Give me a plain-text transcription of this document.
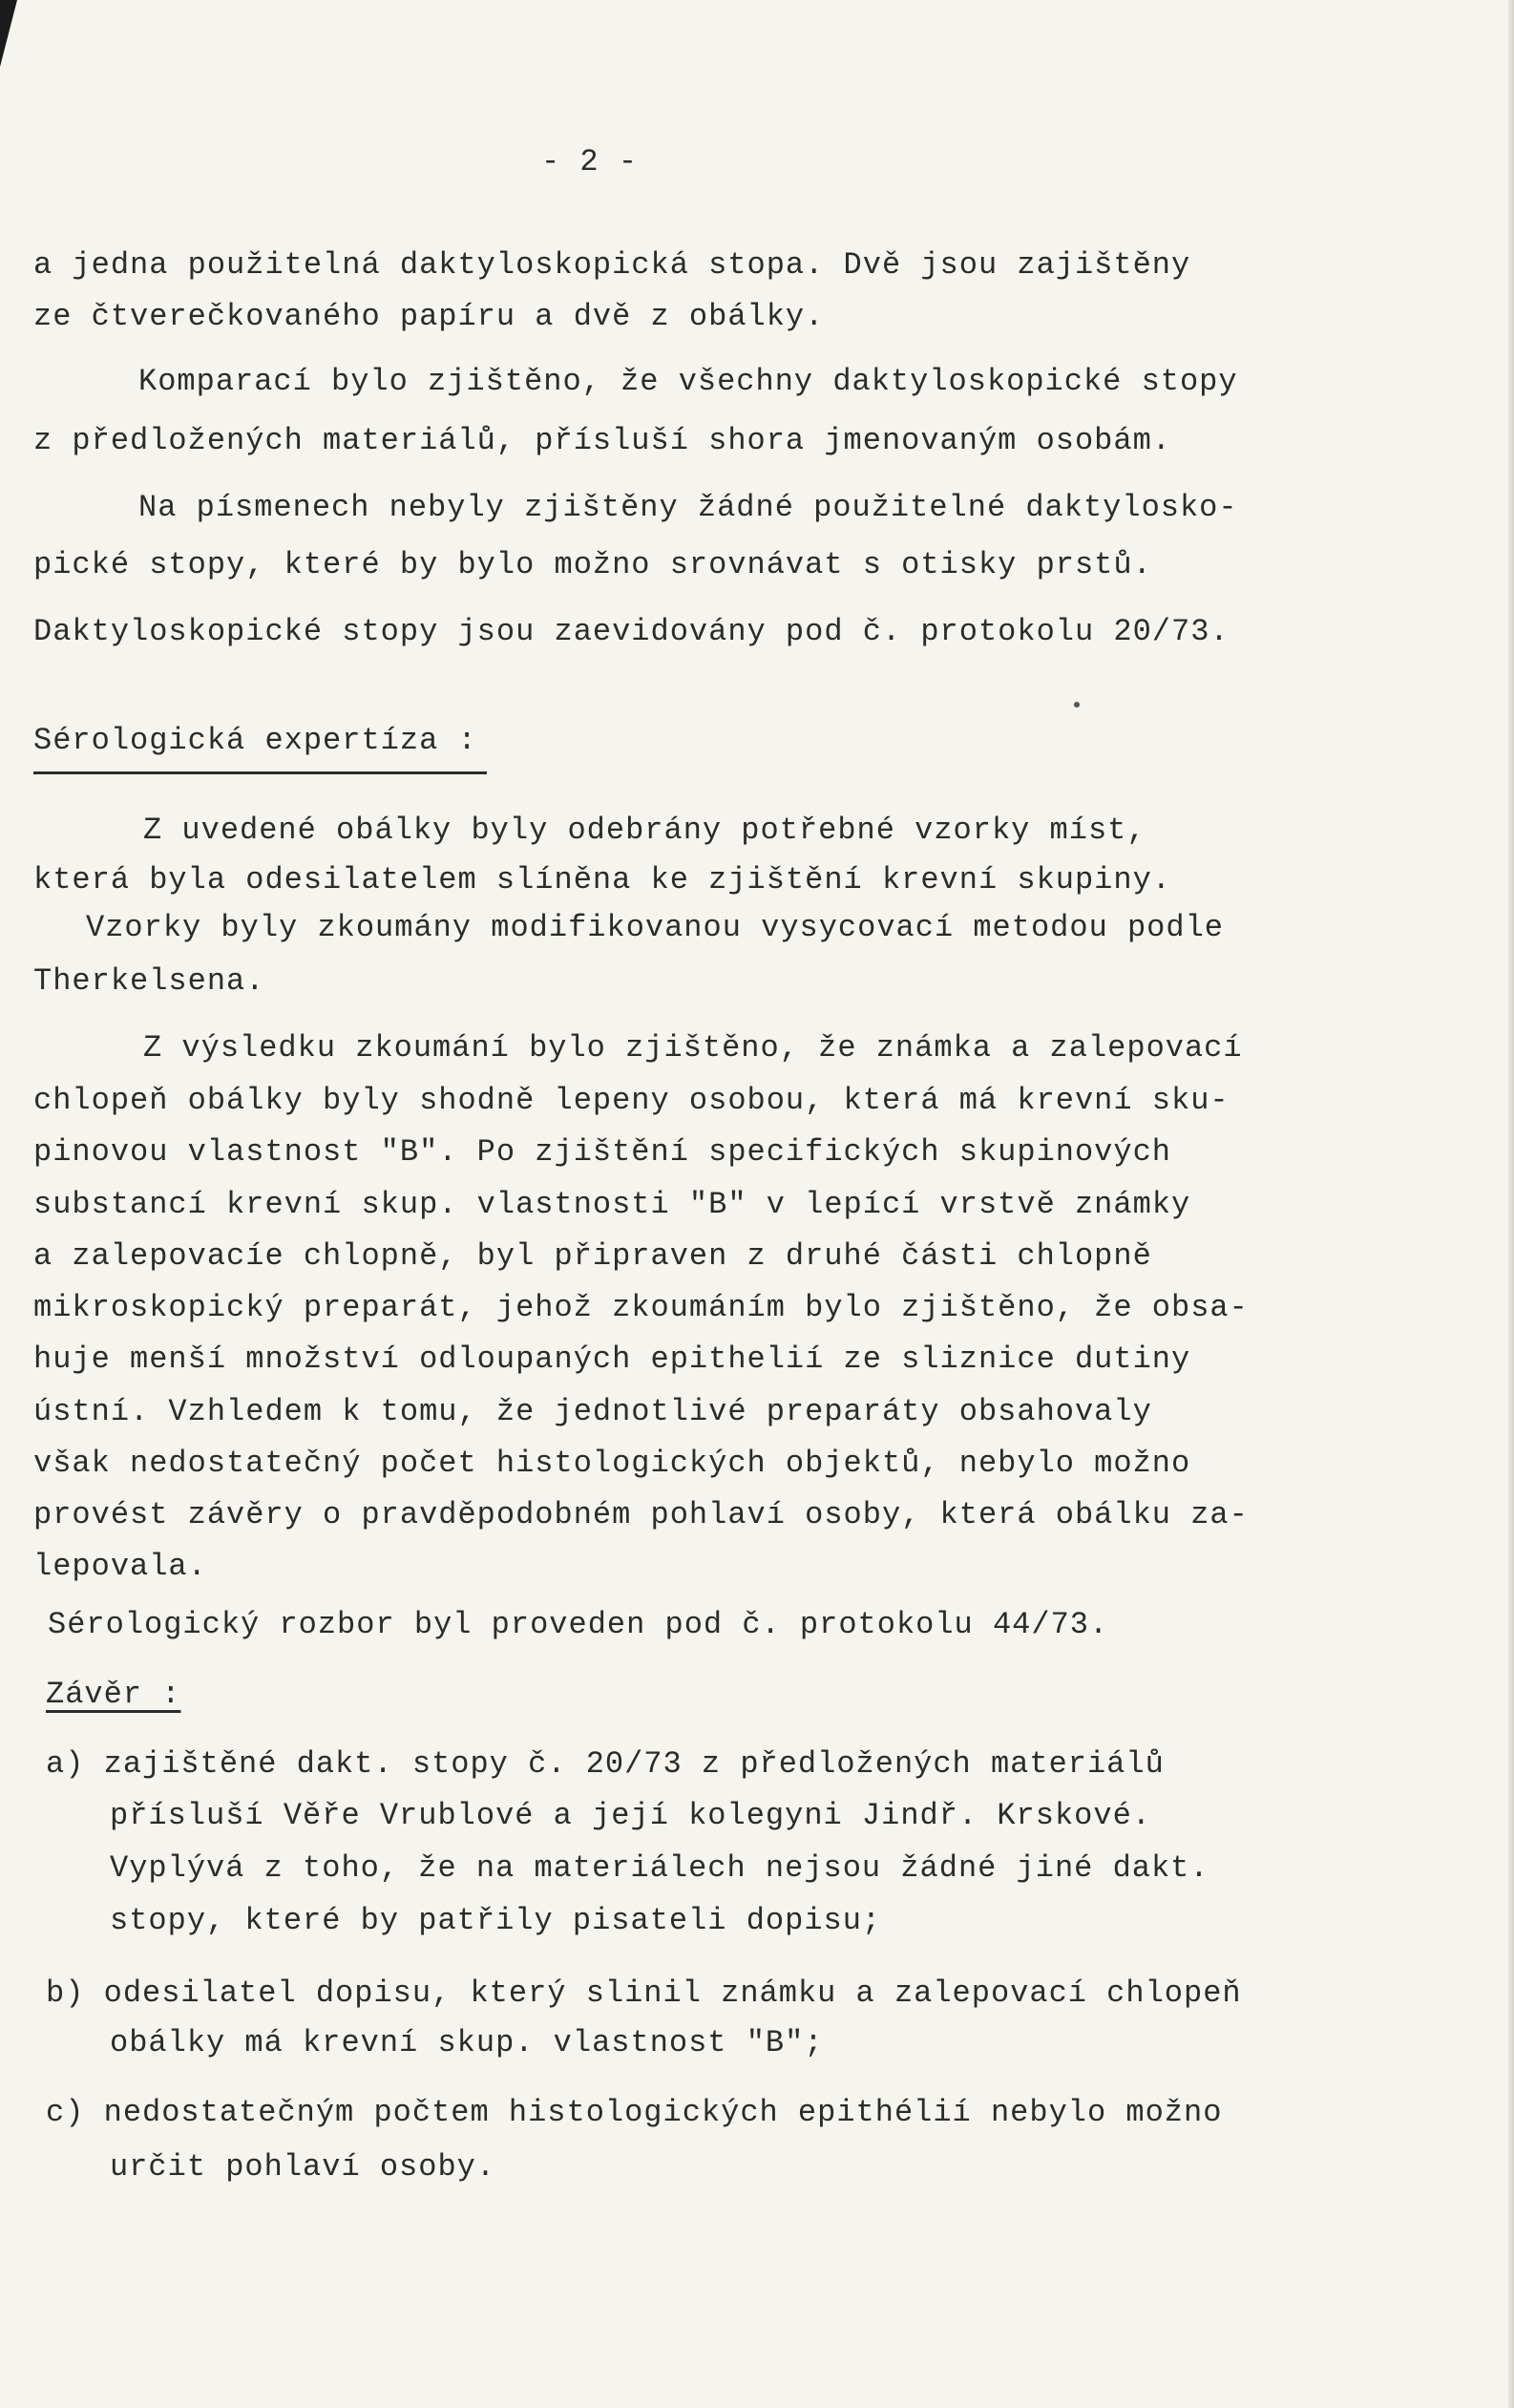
- 2 -
a jedna použitelná daktyloskopická stopa. Dvě jsou zajištěny
ze čtverečkovaného papíru a dvě z obálky.
Komparací bylo zjištěno, že všechny daktyloskopické stopy
z předložených materiálů, přísluší shora jmenovaným osobám.
Na písmenech nebyly zjištěny žádné použitelné daktylosko-
pické stopy, které by bylo možno srovnávat s otisky prstů.
Daktyloskopické stopy jsou zaevidovány pod č. protokolu 20/73.
Sérologická expertíza :
Z uvedené obálky byly odebrány potřebné vzorky míst,
která byla odesilatelem slíněna ke zjištění krevní skupiny.
Vzorky byly zkoumány modifikovanou vysycovací metodou podle
Therkelsena.
Z výsledku zkoumání bylo zjištěno, že známka a zalepovací
chlopeň obálky byly shodně lepeny osobou, která má krevní sku-
pinovou vlastnost "B". Po zjištění specifických skupinových
substancí krevní skup. vlastnosti "B" v lepící vrstvě známky
a zalepovacíe chlopně, byl připraven z druhé části chlopně
mikroskopický preparát, jehož zkoumáním bylo zjištěno, že obsa-
huje menší množství odloupaných epithelií ze sliznice dutiny
ústní. Vzhledem k tomu, že jednotlivé preparáty obsahovaly
však nedostatečný počet histologických objektů, nebylo možno
provést závěry o pravděpodobném pohlaví osoby, která obálku za-
lepovala.
Sérologický rozbor byl proveden pod č. protokolu 44/73.
Závěr :
a) zajištěné dakt. stopy č. 20/73 z předložených materiálů
přísluší Věře Vrublové a její kolegyni Jindř. Krskové.
Vyplývá z toho, že na materiálech nejsou žádné jiné dakt.
stopy, které by patřily pisateli dopisu;
b) odesilatel dopisu, který slinil známku a zalepovací chlopeň
obálky má krevní skup. vlastnost "B";
c) nedostatečným počtem histologických epithélií nebylo možno
určit pohlaví osoby.
